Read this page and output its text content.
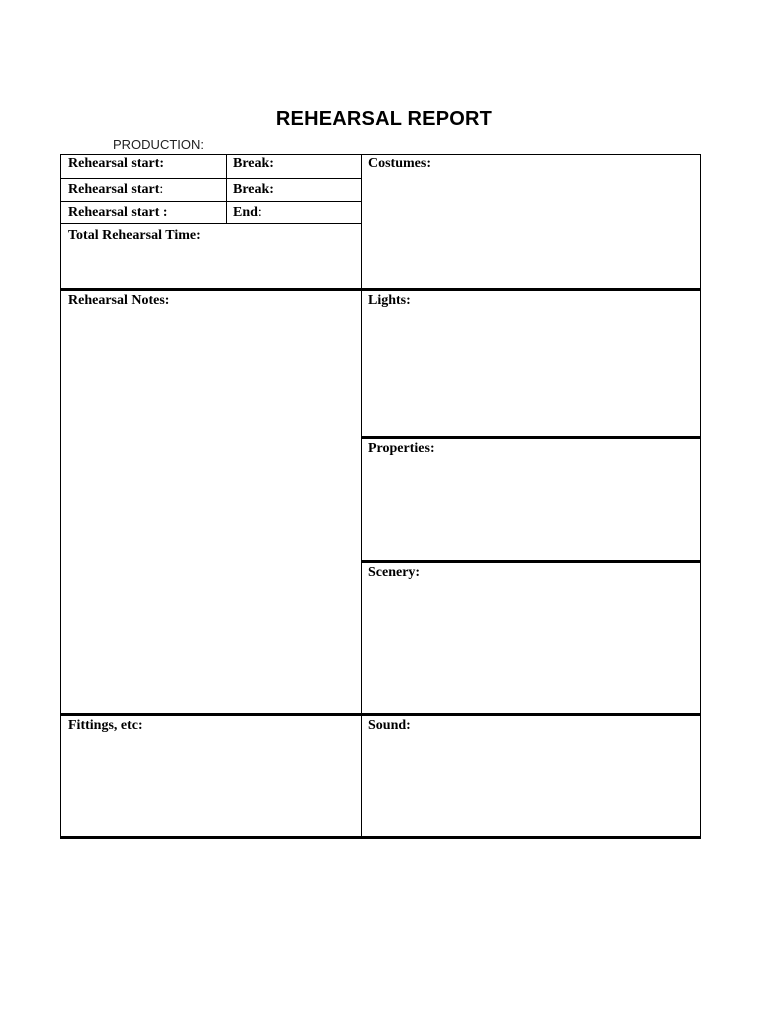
REHEARSAL REPORT
PRODUCTION:
Rehearsal start:	Break:
Rehearsal start:	Break:
Rehearsal start :	End:
Total Rehearsal Time:
Costumes:
Rehearsal Notes:	Lights:
Properties:
Scenery:
Fittings, etc:	Sound:
